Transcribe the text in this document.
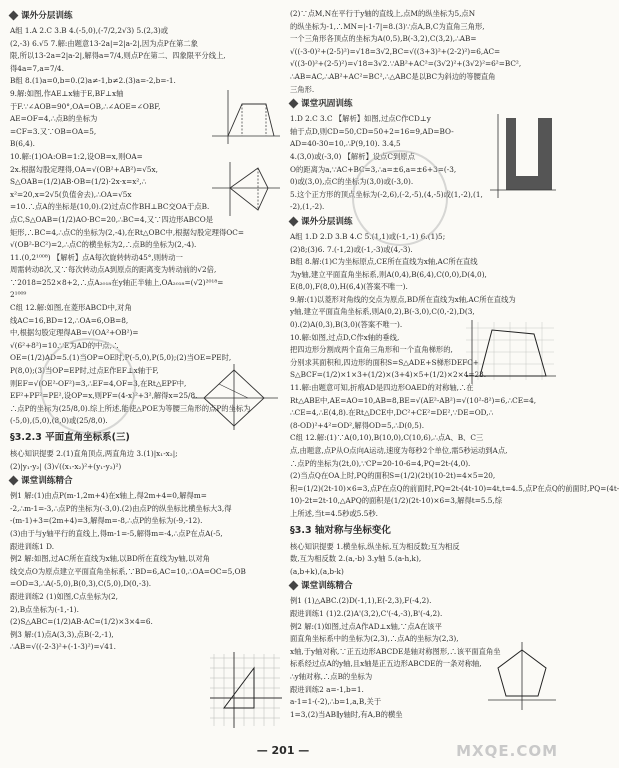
课外分层训练

A组 1.A 2.C 3.B 4.(-5,0),(-7/2,2√3) 5.(2,3)或

(2,-3) 6.√5 7.解:由题意13-2a|=2|a-2|,因为点P在第二象

限,所以13-2a=2|a-2|,解得a=7/4,则点P在第二、四象限平分线上,

得4a=7,a=7/4.

B组 8.(1)a=0,b=0.(2)a≠-1,b≠2.(3)a=-2,b=-1.

9.解:如图,作AE⊥x轴于E,BF⊥x轴

于F.∵∠AOB=90°,OA=OB,∴∠AOE=∠OBF,

AE=OF=4,∴点B的坐标为

=CF=3.又∵OB=OA=5,

B(6,4).

10.解:(1)OA:OB=1:2,设OB=x,则OA=

2x.根据勾股定理得,OA=√(OB²+AB²)=√5x,

S△OAB=(1/2)AB·OB=(1/2)·2x·x=x²,∴

x²=20,x=2√5(负值舍去),∴OA=√5x

=10.∴点A的坐标是(10,0).(2)过点C作BH⊥BC交OA于点B.

点C,S△OAB=(1/2)AO·BC=20,∴BC=4,又∵四边形ABCO是

矩形,∴BC=4,∴点C的坐标为(2,-4),在Rt△OBC中,根据勾股定理得OC=

√(OB²-BC²)=2,∴点C的横坐标为2,∴点B的坐标为(2,-4).

11.(0,2¹⁰⁰⁸) 【解析】点A每次旋转转动45°,则转动一

周需转动8次,又∵每次转动点A到原点的距离变为转动前的√2倍,

∵2018=252×8+2,∴点A₂₀₁₈在y轴正半轴上,OA₂₀₁₈=(√2)²⁰¹⁸=

2¹⁰⁰⁹

C组 12.解:如图,在菱形ABCD中,对角

线AC=16,BD=12,∴OA=6,OB=8,

中,根据勾股定理得AB=√(OA²+OB²)=

√(6²+8²)=10.∵E为AD的中点,∴

OE=(1/2)AD=5.(1)当OP=OE时,P(-5,0),P(5,0);(2)当OE=PE时,

P(8,0);(3)当OP=EP时,过点E作EF⊥x轴于F,

则EF=√(OE²-OF²)=3,∴EF=4,OF=3,在Rt△EPF中,

EF²+PF²=PE²,设OP=x,则PF=(4-x)²+3²,解得x=25/8.

∴点P的坐标为(25/8,0).综上所述,能使△POE为等腰三角形的点P的坐标为

(-5,0),(5,0),(8,0)或(25/8,0).

§3.2.3 平面直角坐标系(三)

核心知识提要 2.(1)直角顶点,两直角边 3.(1)|x₁-x₂|;

(2)|y₁-y₂| (3)√((x₁-x₂)²+(y₁-y₂)²)

课堂训练精合

例1 解:(1)由点P(m-1,2m+4)在x轴上,得2m+4=0,解得m=

-2,∴m-1=-3,∴点P的坐标为(-3,0).(2)由点P的纵坐标比横坐标大3,得

-(m-1)+3=(2m+4)=3,解得m=-8,∴点P的坐标为(-9,-12).

(3)由于与y轴平行的直线上,得m-1=-5,解得m=-4,∴点P在点A(-5,

跟进训练1 D.

例2 解:如图,过AC所在直线为x轴,以BD所在直线为y轴,以对角

线交点O为原点建立平面直角坐标系,∵BD=6,AC=10,∴OA=OC=5,OB

=OD=3,∴A(-5,0),B(0,3),C(5,0),D(0,-3).

跟进训练2 (1)如图,C点坐标为(2,

2),B点坐标为(-1,-1).

(2)S△ABC=(1/2)AB·AC=(1/2)×3×4=6.

例3 解:(1)点A(3,3),点B(-2,-1),

∴AB=√((-2-3)²+(-1-3)²)=√41.

(2)∵点M,N在平行于y轴的直线上,点M的纵坐标为5,点N

的纵坐标为-1,∴MN=|-1-7|=8.(3)∵点A,B,C为直角三角形,

一个三角形各顶点的坐标为A(0,5),B(-3,2),C(3,2),∴AB=

√((-3-0)²+(2-5)²)=√18=3√2,BC=√((3+3)²+(2-2)²)=6,AC=

√((3-0)²+(2-5)²)=√18=3√2.∵AB²+AC²=(3√2)²+(3√2)²=6²=BC²,

∴AB=AC,∴AB²+AC²=BC²,∴△ABC是以BC为斜边的等腰直角

三角形.

课堂巩固训练

1.D 2.C 3.C 【解析】如图,过点C作CD⊥y

轴于点D,则CD=50,CD=50+2=16=9,AD=BO-

AD=40-30=10,∴P(9,10). 3.4,5

4.(3,0)或(-3,0) 【解析】设点C到原点

O的距离为a,∵AC+BC=3,∴a=±6,a=±6+3=(-3,

0)或(3,0),点C的坐标为(3,0)或(-3,0).

5.这个正方形的顶点坐标为(-2,6),(-2,-5),(4,-5)或(1,-2),(1,

-2),(1,-2).

课外分层训练

A组 1.D 2.D 3.B 4.C 5.(1,1)或(-1,-1) 6.(1)5;

(2)8;(3)6. 7.(-1,2)或(-1,-3)或(4,-3).

B组 8.解:(1)C为坐标原点,CE所在直线为x轴,AC所在直线

为y轴,建立平面直角坐标系,则A(0,4),B(6,4),C(0,0),D(4,0),

E(8,0),F(8,0),H(6,4)(答案不唯一).

9.解:(1)以菱形对角线的交点为原点,BD所在直线为x轴,AC所在直线为

y轴,建立平面直角坐标系,则A(0,2),B(-3,0),C(0,-2),D(3,

0).(2)A(0,3),B(3,0)(答案不唯一).

10.解:如图,过点D,C作x轴的垂线,

把四边形分割成两个直角三角形和一个直角梯形的,

分别求其面积和,四边形的面积S=S△ADE+S梯形DEFC+

S△BCF=(1/2)×1×3+(1/2)×(3+4)×5+(1/2)×2×4=23.

11.解:由题意可知,折痕AD是四边形OAED的对称轴,∴在

Rt△ABE中,AE=AO=10,AB=8,BE=√(AE²-AB²)=√(10²-8²)=6,∴CE=4,

∴CE=4,∴E(4,8).在Rt△DCE中,DC²+CE²=DE²,∵DE=OD,∴

(8-OD)²+4²=OD²,解得OD=5,∴D(0,5).

C组 12.解:(1)∵A(0,10),B(10,0),C(10,6),∴点A、B、C三

点,由题意,点P从O点向A运动,速度为每秒2个单位,需5秒运动到A点,

∴点P的坐标为(2t,0),∵CP=20-10-6=4,PQ=2t-(4,0).

(2)当点Q在OA上时,PQ的面积S=(1/2)(2t)(10-2t)=4×5=20,

积=(1/2)(2t-10)×6=3,点P在点Q的前面时,PQ=2t-(4t-10)=4t,t=4.5,点P在点Q的前面时,PQ=(4t-

10)-2t=2t-10,△APQ的面积是(1/2)(2t-10)×6=3,解得t=5.5,综

上所述,当t=4.5秒或5.5秒.

§3.3 轴对称与坐标变化

核心知识提要 1.横坐标,纵坐标,互为相反数;互为相反

数,互为相反数 2.(a,-b) 3.y轴 5.(a-h,k),

(a,b+k),(a,b-k)

课堂训练精合

例1 (1)△ABC.(2)D(-1,1),E(-2,3),F(-4,2).

跟进训练1 (1)2.(2)A'(3,2),C'(-4,-3),B'(-4,2).

例2 解:(1)如图,过点A作AD⊥x轴,∵点A在该平

面直角坐标系中的坐标为(2,3),∴点A的坐标为(2,3),

x轴,于y轴对称,∵正五边形ABCDE是轴对称图形,∴该平面直角坐

标系经过点A的y轴,且x轴是正五边形ABCDE的一条对称轴,

∴y轴对称,∴点B的坐标为

跟进训练2 a=-1,b=1.

a-1=1-(-2),∴b=1,a,B,关于

1=3,(2)当AB∥y轴时,有A,B的横坐

— 201 —	MXQE.COM
